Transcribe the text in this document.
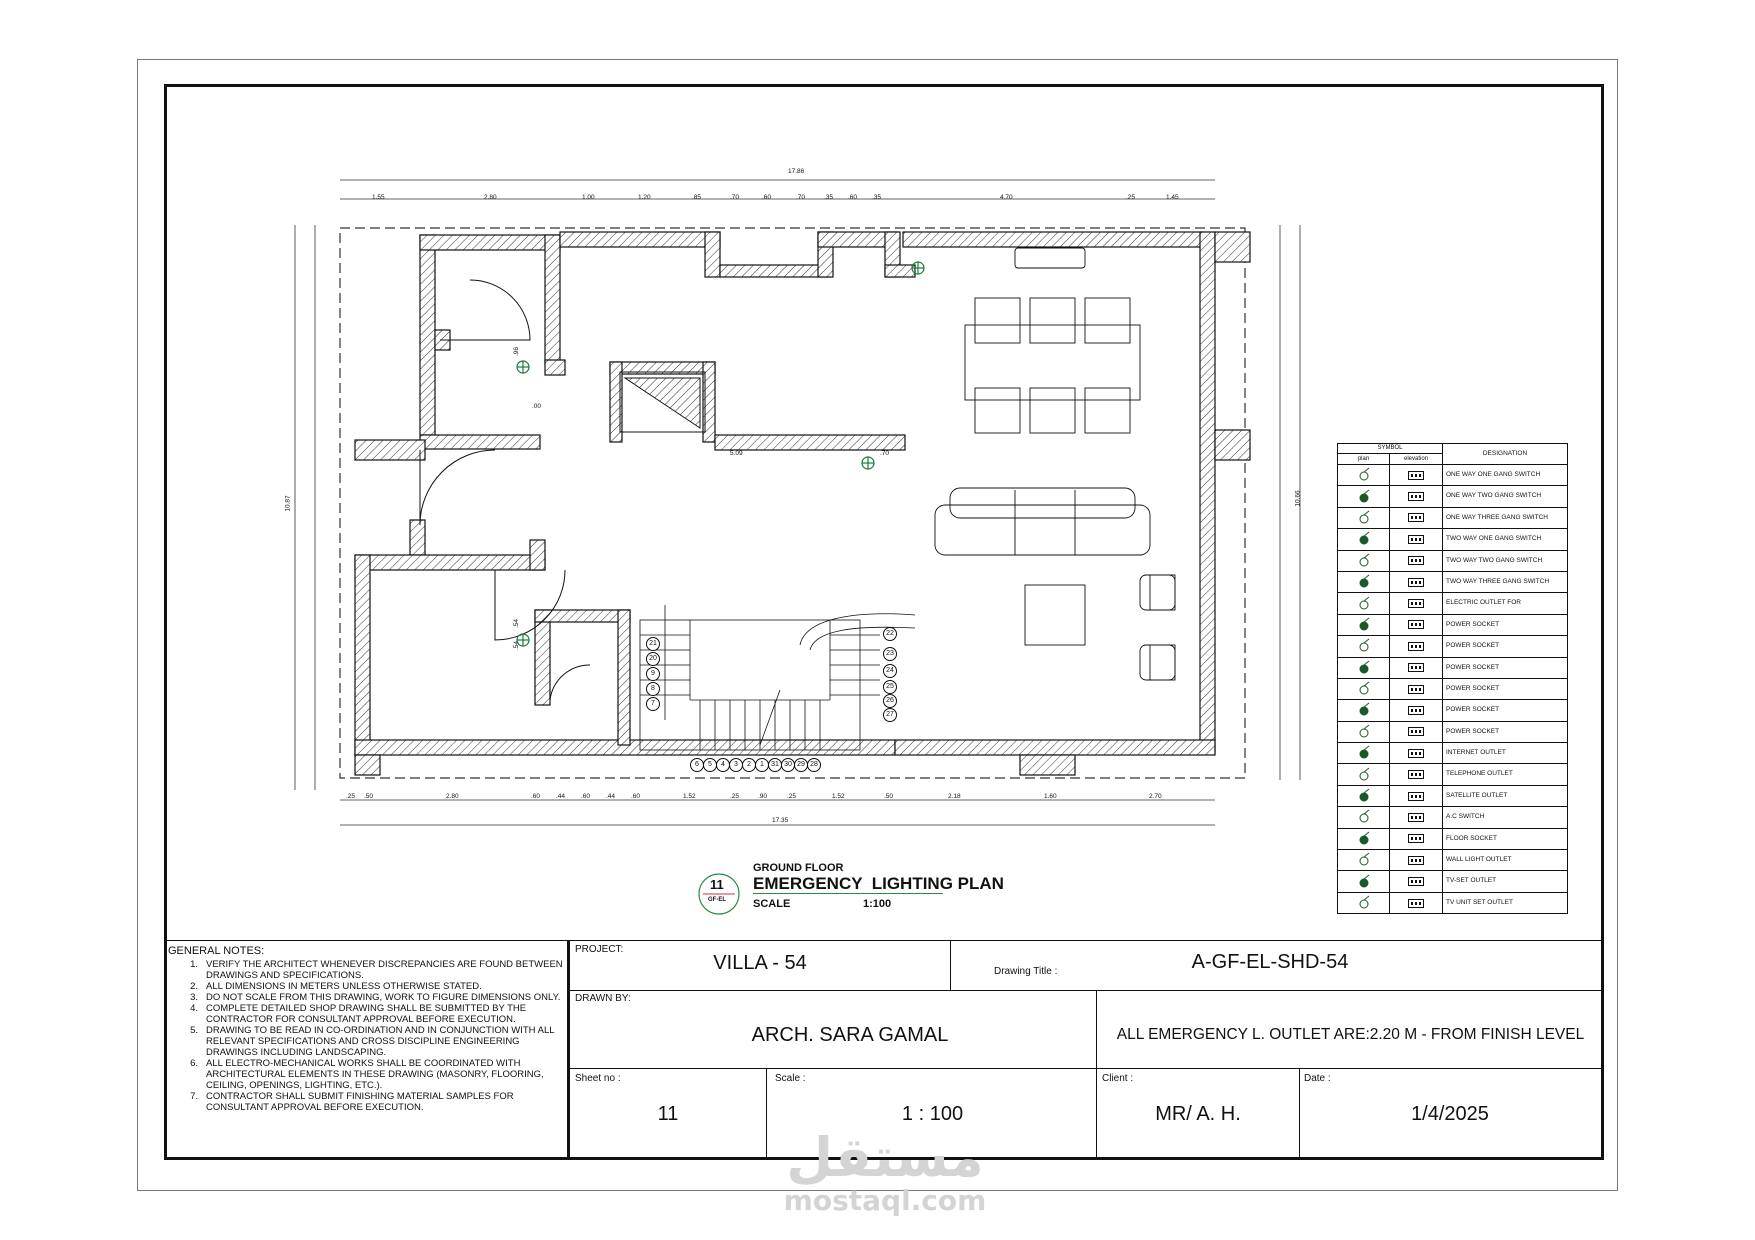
17.86
1.55	2.80	1.00	1.20	.85	.70	.60	.70	.35 .60 .35	4.70	.25	1.45
.25 .50	2.80	.60 .44 .60 .44 .60	1.52	.25	.90	.25	1.52	.50	2.18	1.60	2.70
17.35
10.87	10.66
5.09	.70
.96
.54
.54
.00
21
20
9
8
7
6	5	4	3	2	1	31 30 29 28
22
23
24
25
26
27
11
GF-EL
GROUND FLOOR
EMERGENCY  LIGHTING PLAN
SCALE	1:100
SYMBOL
plan	elevation
DESIGNATION
ONE WAY ONE GANG SWITCH
ONE WAY TWO GANG SWITCH
ONE WAY THREE GANG SWITCH
TWO WAY ONE GANG SWITCH
TWO WAY TWO GANG SWITCH
TWO WAY THREE GANG SWITCH
ELECTRIC OUTLET FOR
POWER SOCKET
POWER SOCKET
POWER SOCKET
POWER SOCKET
POWER SOCKET
POWER SOCKET
INTERNET OUTLET
TELEPHONE OUTLET
SATELLITE OUTLET
A.C SWITCH
FLOOR SOCKET
WALL LIGHT OUTLET
TV-SET OUTLET
TV UNIT SET OUTLET
GENERAL NOTES:
1. VERIFY THE ARCHITECT WHENEVER DISCREPANCIES ARE FOUND BETWEEN DRAWINGS AND SPECIFICATIONS.
2. ALL DIMENSIONS IN METERS UNLESS OTHERWISE STATED.
3. DO NOT SCALE FROM THIS DRAWING, WORK TO FIGURE DIMENSIONS ONLY.
4. COMPLETE DETAILED SHOP DRAWING SHALL BE SUBMITTED BY THE CONTRACTOR FOR CONSULTANT APPROVAL BEFORE EXECUTION.
5. DRAWING TO BE READ IN CO-ORDINATION AND IN CONJUNCTION WITH ALL RELEVANT SPECIFICATIONS AND CROSS DISCIPLINE ENGINEERING DRAWINGS INCLUDING LANDSCAPING.
6. ALL ELECTRO-MECHANICAL WORKS SHALL BE COORDINATED WITH ARCHITECTURAL ELEMENTS IN THESE DRAWING (MASONRY, FLOORING, CEILING, OPENINGS, LIGHTING, ETC.).
7. CONTRACTOR SHALL SUBMIT FINISHING MATERIAL SAMPLES FOR CONSULTANT APPROVAL BEFORE EXECUTION.
PROJECT:
VILLA - 54	Drawing Title :	A-GF-EL-SHD-54
DRAWN BY:
ARCH. SARA GAMAL	ALL EMERGENCY L. OUTLET ARE:2.20 M - FROM FINISH LEVEL
Sheet no :
11
Scale :
1 : 100
Client :
MR/ A. H.
Date :
1/4/2025
مستقل
mostaql.com
